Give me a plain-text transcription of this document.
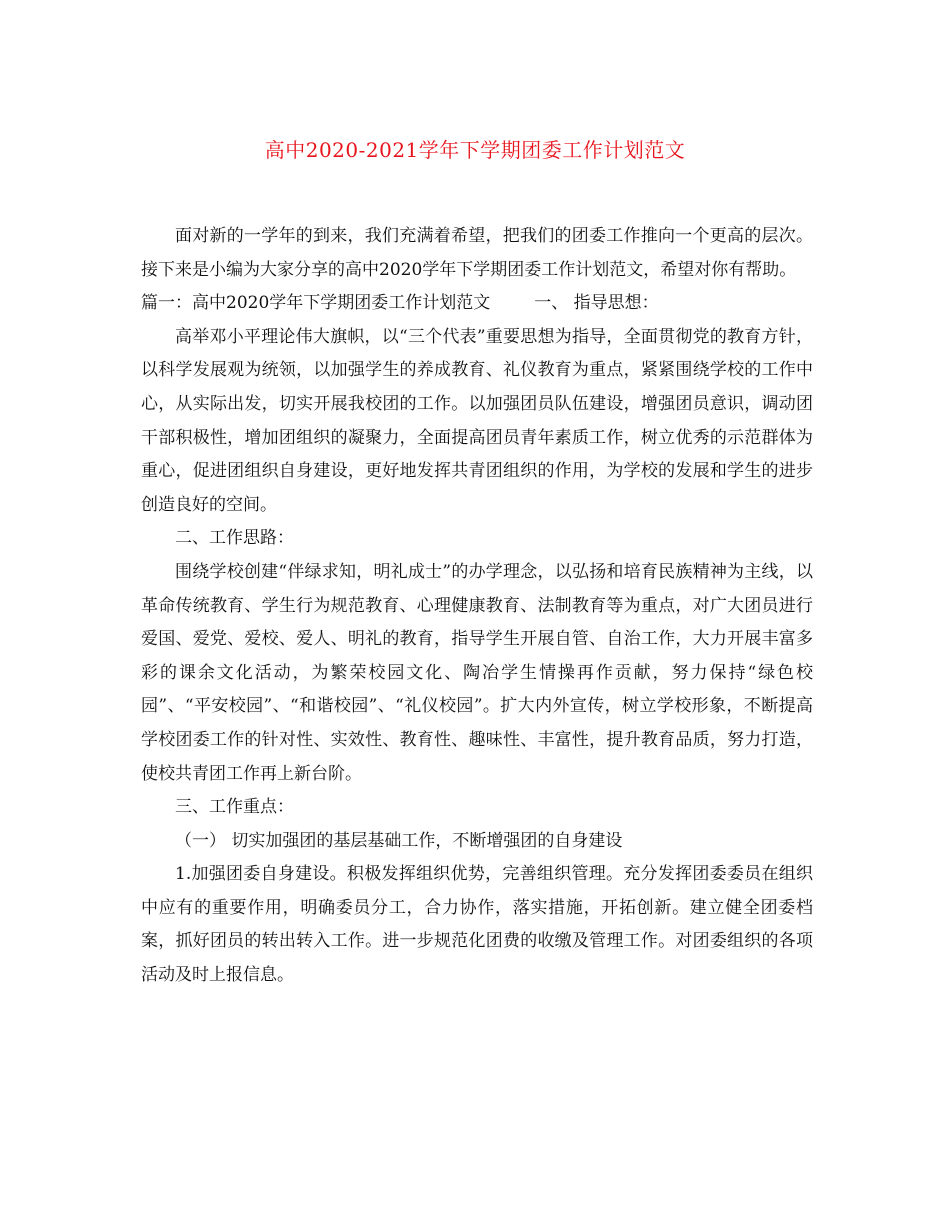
高中2020-2021学年下学期团委工作计划范文

面对新的一学年的到来，我们充满着希望，把我们的团委工作推向一个更高的层次。接下来是小编为大家分享的高中2020学年下学期团委工作计划范文，希望对你有帮助。

篇一：高中2020学年下学期团委工作计划范文	一、 指导思想：

高举邓小平理论伟大旗帜，以“三个代表”重要思想为指导，全面贯彻党的教育方针，以科学发展观为统领，以加强学生的养成教育、礼仪教育为重点，紧紧围绕学校的工作中心，从实际出发，切实开展我校团的工作。以加强团员队伍建设，增强团员意识，调动团干部积极性，增加团组织的凝聚力，全面提高团员青年素质工作，树立优秀的示范群体为重心，促进团组织自身建设，更好地发挥共青团组织的作用，为学校的发展和学生的进步创造良好的空间。

二、工作思路：

围绕学校创建“伴绿求知，明礼成士”的办学理念，以弘扬和培育民族精神为主线，以革命传统教育、学生行为规范教育、心理健康教育、法制教育等为重点，对广大团员进行爱国、爱党、爱校、爱人、明礼的教育，指导学生开展自管、自治工作，大力开展丰富多彩的课余文化活动，为繁荣校园文化、陶冶学生情操再作贡献，努力保持“绿色校园”、“平安校园”、“和谐校园”、“礼仪校园”。扩大内外宣传，树立学校形象，不断提高学校团委工作的针对性、实效性、教育性、趣味性、丰富性，提升教育品质，努力打造，使校共青团工作再上新台阶。

三、工作重点：

（一） 切实加强团的基层基础工作，不断增强团的自身建设

1.加强团委自身建设。积极发挥组织优势，完善组织管理。充分发挥团委委员在组织中应有的重要作用，明确委员分工，合力协作，落实措施，开拓创新。建立健全团委档案，抓好团员的转出转入工作。进一步规范化团费的收缴及管理工作。对团委组织的各项活动及时上报信息。
